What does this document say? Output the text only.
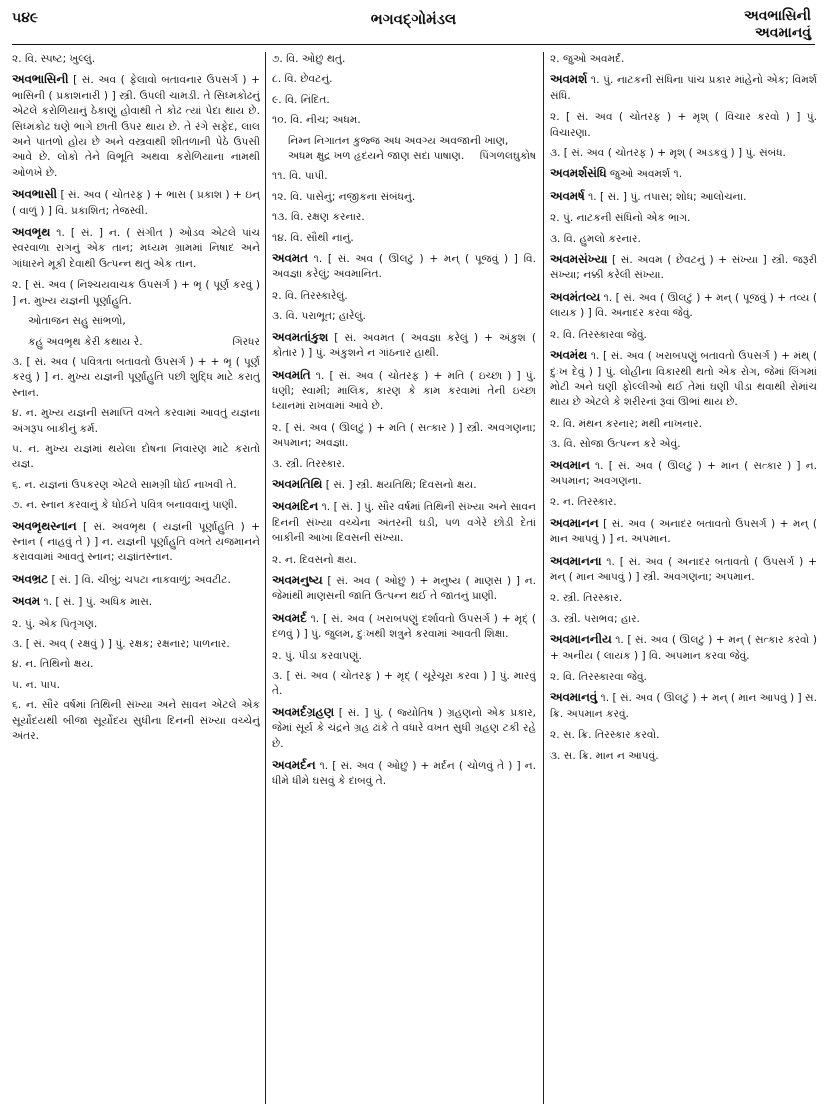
૫૪૯	ભગવદ્ગોમંડલ	અવભાસિની
અવમાનવું
૨. વિ. સ્પષ્ટ; ખુલ્લું.
અવભાસિની [ સં. અવ ( ફેલાવો બતાવનાર ઉપસર્ગ ) + ભાસિની ( પ્રકાશનારી ) ] સ્ત્રી. ઉપલી ચામડી. તે સિધ્મકોઢનું એટલે કરોળિયાનું ઠેકાણું હોવાથી તે કોઢ ત્યાં પેદા થાય છે. સિધ્મકોઢ ઘણે ભાગે છાતી ઉપર થાય છે. તે રંગે સફેદ, લાલ અને પાતળો હોય છે અને વસ્ત્રવાથી શીતળાની પેઠે ઉપસી આવે છે. લોકો તેને વિભૂતિ અથવા કરોળિયાના નામથી ઓળખે છે.
અવભાસી [ સં. અવ ( ચોતરફ ) + ભાસ ( પ્રકાશ ) + ઇન્ ( વાળું ) ] વિ. પ્રકાશિત; તેજસ્વી.
અવભૃથ ૧. [ સં. ] ન. ( સંગીત ) ઓડવ એટલે પાંચ સ્વરવાળા રાગનું એક તાન; મધ્યમ ગ્રામમાં નિષાદ અને ગાંધારને મૂકી દેવાથી ઉત્પન્ન થતું એક તાન.
૨. [ સં. અવ ( નિશ્ચયવાચક ઉપસર્ગ ) + ભૃ ( પૂર્ણ કરવું ) ] ન. મુખ્ય યજ્ઞની પૂર્ણાહુતિ.
ઓતાજન સહુ સાંભળો,
કહું અવભૃથ કેરી કથાય રે.	ગિરધર
૩. [ સં. અવ ( પવિત્રતા બતાવતો ઉપસર્ગ ) + + ભૃ ( પૂર્ણ કરવું ) ] ન. મુખ્ય યજ્ઞની પૂર્ણાહુતિ પછી શુદ્ધિ માટે કરાતું સ્નાન.
૪. ન. મુખ્ય યજ્ઞની સમાપ્તિ વખતે કરવામાં આવતું યજ્ઞના અંગરૂપ બાકીનું કર્મ.
૫. ન. મુખ્ય યજ્ઞમાં થયેલા દોષના નિવારણ માટે કરાતો યજ્ઞ.
૬. ન. યજ્ઞનાં ઉપકરણ એટલે સામગ્રી ધોઈ નાખવી તે.
૭. ન. સ્નાન કરવાનું કે ધોઈને પવિત્ર બનાવવાનું પાણી.
અવભૃથસ્નાન [ સં. અવભૃથ ( યજ્ઞની પૂર્ણાહુતિ ) + સ્નાન ( નાહવું તે ) ] ન. યજ્ઞની પૂર્ણાહુતિ વખતે યજમાનને કરાવવામાં આવતું સ્નાન; યજ્ઞાંતસ્નાન.
અવભ્રટ [ સં. ] વિ. ચીબું; ચપટા નાકવાળું; અવટીટ.
અવમ ૧. [ સં. ] પું. અધિક માસ.
૨. પું. એક પિતૃગણ.
૩. [ સં. અવ્ ( રક્ષવું ) ] પું. રક્ષક; રક્ષનાર; પાળનાર.
૪. ન. તિથિનો ક્ષય.
૫. ન. પાપ.
૬. ન. સૌર વર્ષમાં તિથિની સંખ્યા અને સાવન એટલે એક સૂર્યોદયથી બીજા સૂર્યોદય સુધીના દિનની સંખ્યા વચ્ચેનું અંતર.
૭. વિ. ઓછું થતું.
૮. વિ. છેવટનું.
૯. વિ. નિંદિત.
૧૦. વિ. નીચ; અધમ.
નિમ્ન નિગાતન કુજ્જ અધ અવગ્ય અવજાની ખાણ, અધમ ક્ષુદ્ર ખળ હૃદયને જાણ સદા પાષાણ. પિંગળલઘુકોષ
૧૧. વિ. પાપી.
૧૨. વિ. પાસેનું; નજીકના સંબંધનું.
૧૩. વિ. રક્ષણ કરનાર.
૧૪. વિ. સૌથી નાનું.
અવમત ૧. [ સં. અવ ( ઊલટું ) + મન્ ( પૂજવું ) ] વિ. અવજ્ઞા કરેલું; અવમાનિત.
૨. વિ. તિરસ્કારેલું.
૩. વિ. પરાભૂત; હારેલું.
અવમતાંકુશ [ સં. અવમત ( અવજ્ઞા કરેલું ) + અંકુશ ( કોંતાર ) ] પું. અંકુશને ન ગાંઠનાર હાથી.
અવમતિ ૧. [ સં. અવ ( ચોતરફ ) + મતિ ( ઇચ્છા ) ] પું. ધણી; સ્વામી; માલિક, કારણ કે કામ કરવામાં તેની ઇચ્છા ધ્યાનમાં રાખવામાં આવે છે.
૨. [ સં. અવ ( ઊલટું ) + મતિ ( સત્કાર ) ] સ્ત્રી. અવગણના; અપમાન; અવજ્ઞા.
૩. સ્ત્રી. તિરસ્કાર.
અવમતિથિ [ સં. ] સ્ત્રી. ક્ષયતિથિ; દિવસનો ક્ષય.
અવમદિન ૧. [ સં. ] પું. સૌર વર્ષમાં તિથિની સંખ્યા અને સાવન દિનની સંખ્યા વચ્ચેના અંતરની ઘડી, પળ વગેરે છોડી દેતાં બાકીની આખા દિવસની સંખ્યા.
૨. ન. દિવસનો ક્ષય.
અવમનુષ્ય [ સં. અવ ( ઓછું ) + મનુષ્ય ( માણસ ) ] ન. જેમાંથી માણસની જાતિ ઉત્પન્ન થઈ તે જાતનું પ્રાણી.
અવમર્દ ૧. [ સં. અવ ( ખરાબપણું દર્શાવતો ઉપસર્ગ ) + મૃદ્ ( દળવું ) ] પું. જુલમ, દુઃખથી શત્રુને કરવામાં આવતી શિક્ષા.
૨. પું. પીડા કરવાપણું.
૩. [ સં. અવ ( ચોતરફ ) + મૃદ્ ( ચૂરેચૂરા કરવા ) ] પું. મારવું તે.
અવમર્દગ્રહણ [ સં. ] પું. ( જ્યોતિષ ) ગ્રહણનો એક પ્રકાર, જેમાં સૂર્ય કે ચંદ્રને ગ્રહ ઢાંકે તે વધારે વખત સુધી ગ્રહણ ટકી રહે છે.
અવમર્દન ૧. [ સં. અવ ( ઓછું ) + મર્દન ( ચોળવું તે ) ] ન. ધીમે ધીમે ઘસવું કે દાબવું તે.
૨. જુઓ અવમર્દ.
અવમર્શ ૧. પું. નાટકની સંધિના પાંચ પ્રકાર માંહેનો એક; વિમર્શ સંધિ.
૨. [ સં. અવ ( ચોતરફ ) + મૃશ્ ( વિચાર કરવો ) ] પું. વિચારણા.
૩. [ સં. અવ ( ચોતરફ ) + મૃશ્ ( અડકવું ) ] પું. સંબંધ.
અવમર્શસંધિ જુઓ અવમર્શ ૧.
અવમર્ષ ૧. [ સં. ] પું. તપાસ; શોધ; આલોચના.
૨. પું. નાટકની સંધિનો એક ભાગ.
૩. વિ. હુમલો કરનાર.
અવમસંખ્યા [ સં. અવમ ( છેવટનું ) + સંખ્યા ] સ્ત્રી. જરૂરી સંખ્યા; નક્કી કરેલી સંખ્યા.
અવમંતવ્ય ૧. [ સં. અવ ( ઊલટું ) + મન્ ( પૂજવું ) + તવ્ય ( લાયક ) ] વિ. અનાદર કરવા જેવું.
૨. વિ. તિરસ્કારવા જેવું.
અવમંથ ૧. [ સં. અવ ( ખરાબપણું બતાવતો ઉપસર્ગ ) + મંથ્ ( દુઃખ દેવું ) ] પું. લોહીના વિકારથી થતો એક રોગ, જેમાં લિંગમાં મોટી અને ઘણી ફોલ્લીઓ થઈ તેમાં ઘણી પીડા થવાથી રોમાંચ થાય છે એટલે કે શરીરનાં રૂવાં ઊભાં થાય છે.
૨. વિ. મંથન કરનાર; મથી નાખનાર.
૩. વિ. સોજા ઉત્પન્ન કરે એવું.
અવમાન ૧. [ સં. અવ ( ઊલટું ) + માન ( સત્કાર ) ] ન. અપમાન; અવગણના.
૨. ન. તિરસ્કાર.
અવમાનન [ સં. અવ ( અનાદર બતાવતો ઉપસર્ગ ) + મન્ ( માન આપવું ) ] ન. અપમાન.
અવમાનના ૧. [ સં. અવ ( અનાદર બતાવતો ( ઉપસર્ગ ) + મન્ ( માન આપવું ) ] સ્ત્રી. અવગણના; અપમાન.
૨. સ્ત્રી. તિરસ્કાર.
૩. સ્ત્રી. પરાભવ; હાર.
અવમાનનીય ૧. [ સં. અવ ( ઊલટું ) + મન્ ( સત્કાર કરવો ) + અનીય ( લાયક ) ] વિ. અપમાન કરવા જેવું.
૨. વિ. તિરસ્કારવા જેવું.
અવમાનવું ૧. [ સં. અવ ( ઊલટું ) + મન્ ( માન આપવું ) ] સ. ક્રિ. અપમાન કરવું.
૨. સ. ક્રિ. તિરસ્કાર કરવો.
૩. સ. ક્રિ. માન ન આપવું.
